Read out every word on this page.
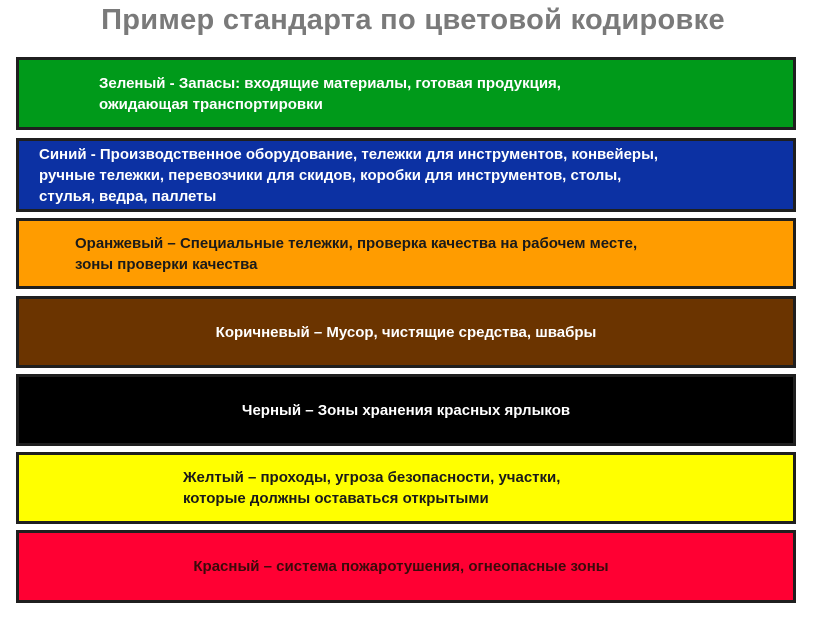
Пример стандарта по цветовой кодировке
Зеленый - Запасы: входящие материалы, готовая продукция,
ожидающая транспортировки
Синий - Производственное оборудование, тележки для инструментов, конвейеры,
ручные тележки, перевозчики для скидов, коробки для инструментов, столы,
стулья, ведра, паллеты
Оранжевый – Специальные тележки, проверка качества на рабочем месте,
зоны проверки качества
Коричневый – Мусор, чистящие средства, швабры
Черный – Зоны хранения красных ярлыков
Желтый – проходы, угроза безопасности, участки,
которые должны оставаться открытыми
Красный – система пожаротушения, огнеопасные зоны
